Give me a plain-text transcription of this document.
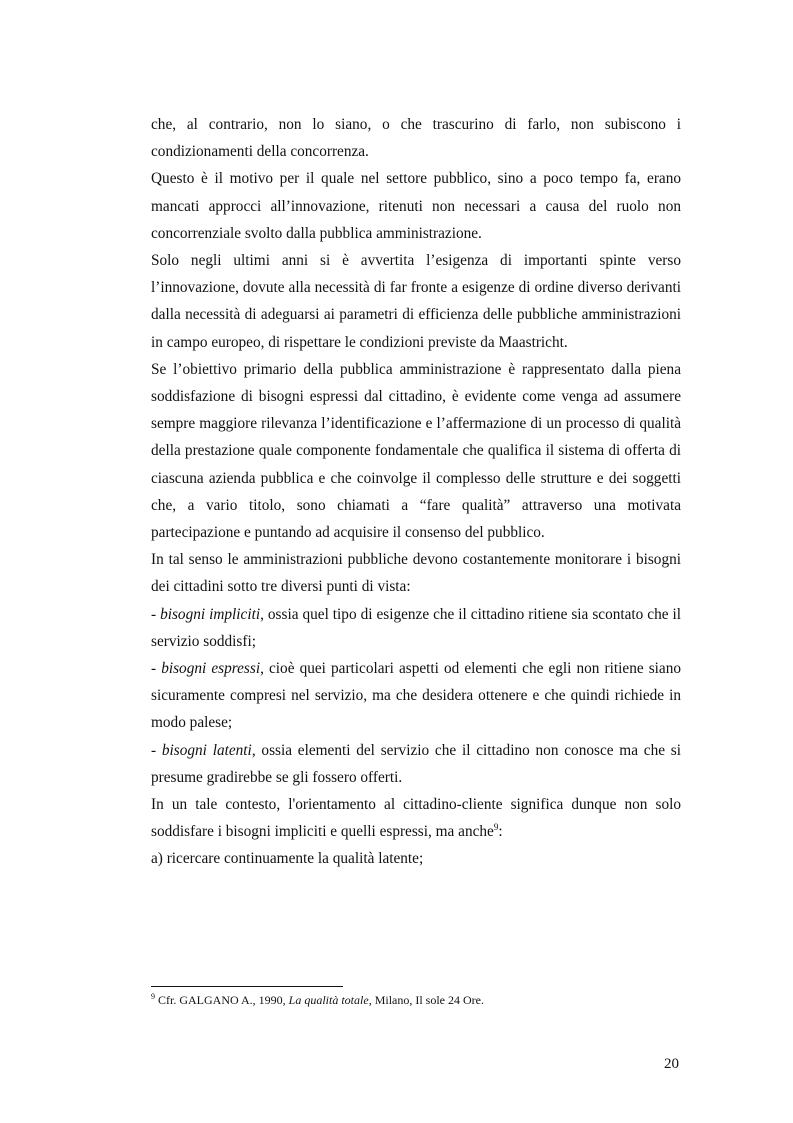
che, al contrario, non lo siano, o che trascurino di farlo, non subiscono i condizionamenti della concorrenza.

Questo è il motivo per il quale nel settore pubblico, sino a poco tempo fa, erano mancati approcci all’innovazione, ritenuti non necessari a causa del ruolo non concorrenziale svolto dalla pubblica amministrazione.

Solo negli ultimi anni si è avvertita l’esigenza di importanti spinte verso l’innovazione, dovute alla necessità di far fronte a esigenze di ordine diverso derivanti dalla necessità di adeguarsi ai parametri di efficienza delle pubbliche amministrazioni in campo europeo, di rispettare le condizioni previste da Maastricht.

Se l’obiettivo primario della pubblica amministrazione è rappresentato dalla piena soddisfazione di bisogni espressi dal cittadino, è evidente come venga ad assumere sempre maggiore rilevanza l’identificazione e l’affermazione di un processo di qualità della prestazione quale componente fondamentale che qualifica il sistema di offerta di ciascuna azienda pubblica e che coinvolge il complesso delle strutture e dei soggetti che, a vario titolo, sono chiamati a “fare qualità” attraverso una motivata partecipazione e puntando ad acquisire il consenso del pubblico.

In tal senso le amministrazioni pubbliche devono costantemente monitorare i bisogni dei cittadini sotto tre diversi punti di vista:

- bisogni impliciti, ossia quel tipo di esigenze che il cittadino ritiene sia scontato che il servizio soddisfi;

- bisogni espressi, cioè quei particolari aspetti od elementi che egli non ritiene siano sicuramente compresi nel servizio, ma che desidera ottenere e che quindi richiede in modo palese;

- bisogni latenti, ossia elementi del servizio che il cittadino non conosce ma che si presume gradirebbe se gli fossero offerti.

In un tale contesto, l'orientamento al cittadino-cliente significa dunque non solo soddisfare i bisogni impliciti e quelli espressi, ma anche$^9$:

a) ricercare continuamente la qualità latente;

$^9$ Cfr. GALGANO A., 1990, La qualità totale, Milano, Il sole 24 Ore.
20
